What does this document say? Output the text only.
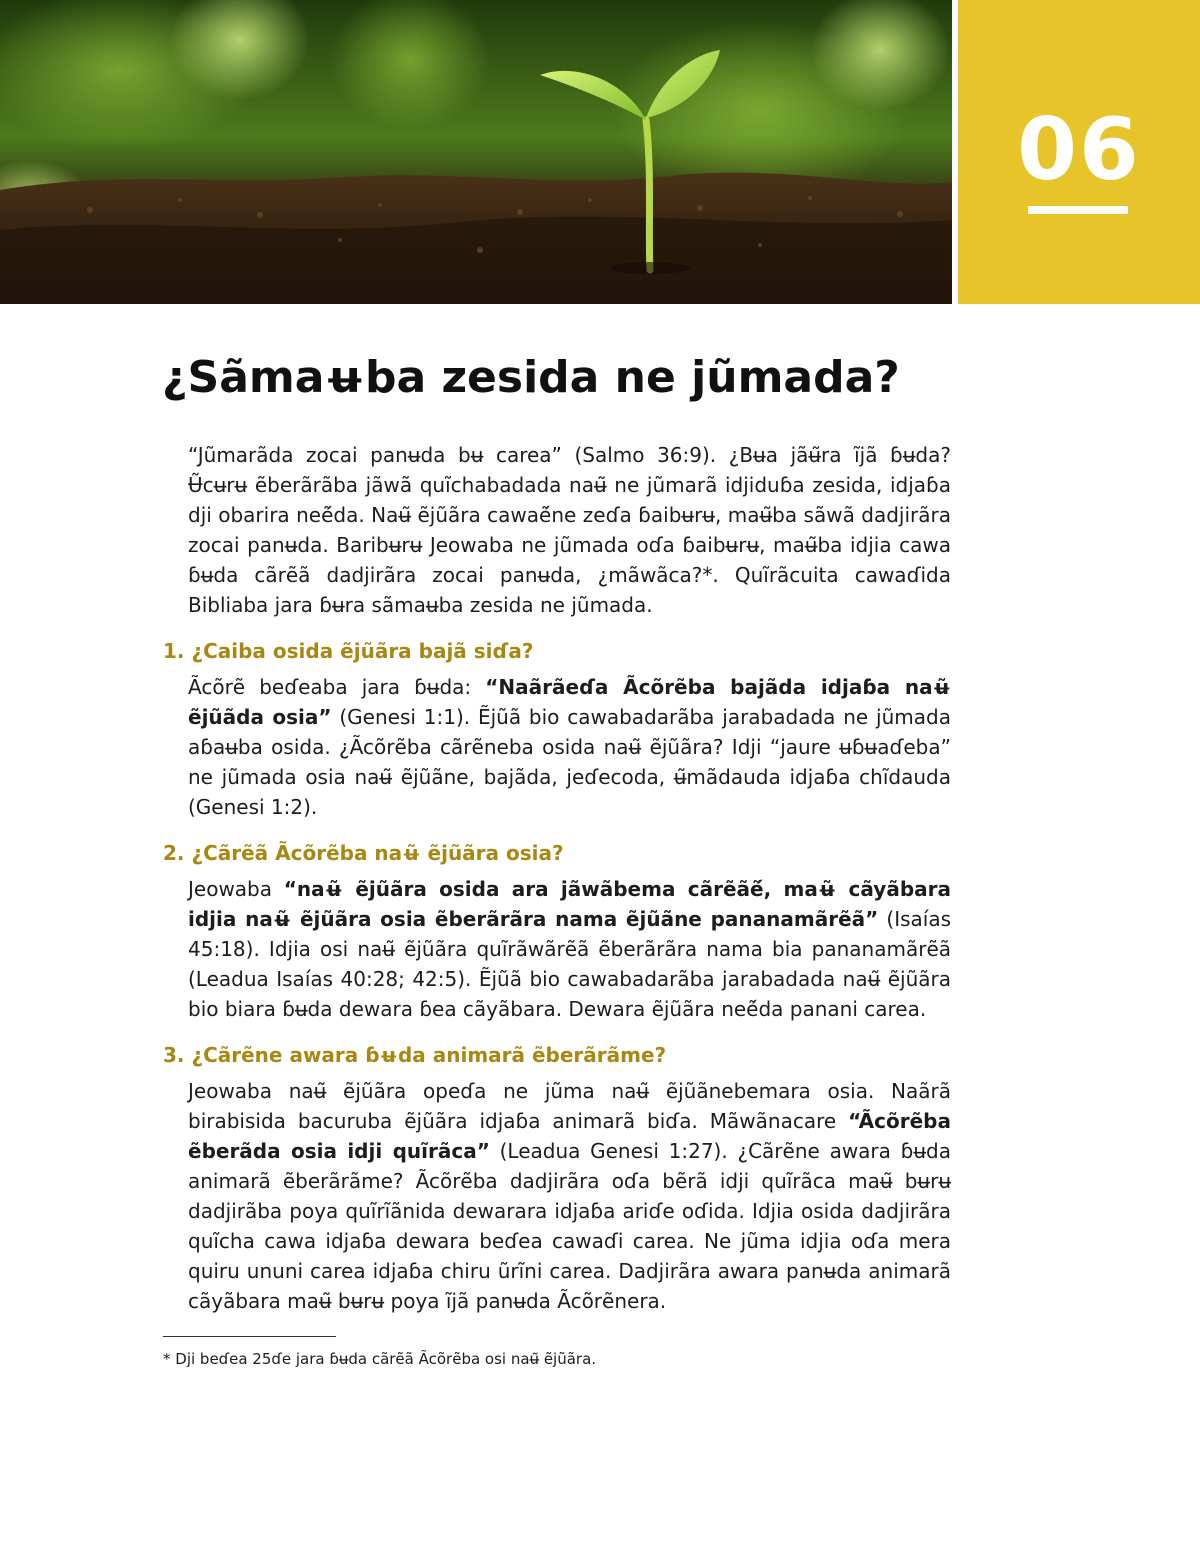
06
¿Sãmaʉba zesida ne jũmada?

“Jũmarãda zocai panʉda bʉ carea” (Salmo 36:9). ¿Bʉa jãʉ̃ra ĩjã ɓʉda? Ʉ̃cʉrʉ ẽberãrãba jãwã quĩchabadada naʉ̃ ne jũmarã idjiduɓa zesida, idjaɓa dji obarira neẽ́da. Naʉ̃ ẽjũãra cawaẽ́ne zeɗa ɓaibʉrʉ, maʉ̃ba sãwã dadjirãra zocai panʉda. Baribʉrʉ Jeowaba ne jũmada oɗa ɓaibʉrʉ, maʉ̃ba idjia cawa ɓʉda cãrẽã dadjirãra zocai panʉda, ¿mãwãca?*. Quĩrãcuita cawaɗida Bibliaba jara ɓʉra sãmaʉba zesida ne jũmada.

1. ¿Caiba osida ẽjũãra bajã siɗa?

Ãcõrẽ beɗeaba jara ɓʉda: “Naãrãeɗa Ãcõrẽba bajãda idjaɓa naʉ̃ ẽjũãda osia” (Genesi 1:1). Ẽjũã bio cawabadarãba jarabadada ne jũmada aɓaʉba osida. ¿Ãcõrẽba cãrẽneba osida naʉ̃ ẽjũãra? Idji “jaure ʉɓʉaɗeba” ne jũmada osia naʉ̃ ẽjũãne, bajãda, jeɗecoda, ʉ̃mãdauda idjaɓa chĩdauda (Genesi 1:2).

2. ¿Cãrẽã Ãcõrẽba naʉ̃ ẽjũãra osia?

Jeowaba “naʉ̃ ẽjũãra osida ara jãwãbema cãrẽãẽ́, maʉ̃ cãyãbara idjia naʉ̃ ẽjũãra osia ẽberãrãra nama ẽjũãne pananamãrẽã” (Isaías 45:18). Idjia osi naʉ̃ ẽjũãra quĩrãwãrẽã ẽberãrãra nama bia pananamãrẽã (Leadua Isaías 40:28; 42:5). Ẽjũã bio cawabadarãba jarabadada naʉ̃ ẽjũãra bio biara ɓʉda dewara ɓea cãyãbara. Dewara ẽjũãra neẽ́da panani carea.

3. ¿Cãrẽne awara ɓʉda animarã ẽberãrãme?

Jeowaba naʉ̃ ẽjũãra opeɗa ne jũma naʉ̃ ẽjũãnebemara osia. Naãrã birabisida bacuruba ẽjũãra idjaɓa animarã biɗa. Mãwãnacare “Ãcõrẽba ẽberãda osia idji quĩrãca” (Leadua Genesi 1:27). ¿Cãrẽne awara ɓʉda animarã ẽberãrãme? Ãcõrẽba dadjirãra oɗa bẽrã idji quĩrãca maʉ̃ bʉrʉ dadjirãba poya quĩrĩãnida dewarara idjaɓa ariɗe oɗida. Idjia osida dadjirãra quĩcha cawa idjaɓa dewara beɗea cawaɗi carea. Ne jũma idjia oɗa mera quiru ununi carea idjaɓa chiru ũrĩni carea. Dadjirãra awara panʉda animarã cãyãbara maʉ̃ bʉrʉ poya ĩjã panʉda Ãcõrẽnera.

* Dji beɗea 25ɗe jara ɓʉda cãrẽã Ãcõrẽba osi naʉ̃ ẽjũãra.
